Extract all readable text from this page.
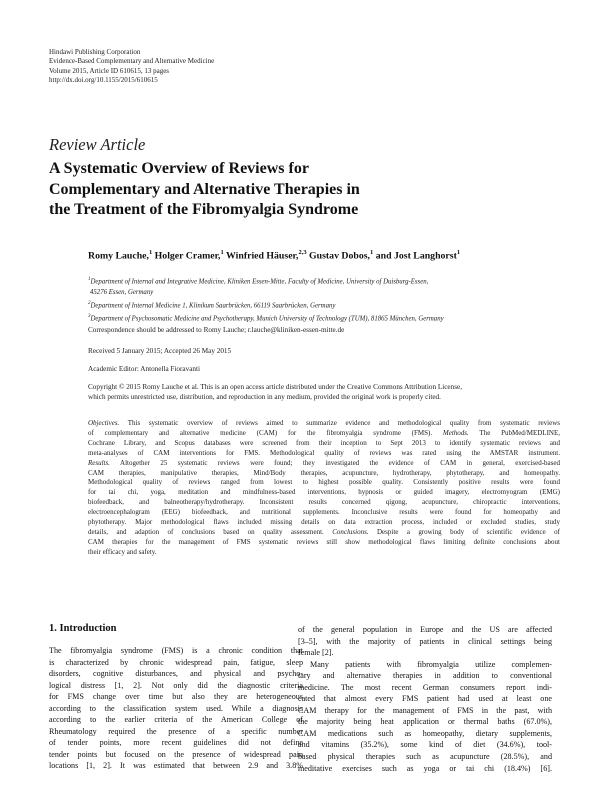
Hindawi Publishing Corporation
Evidence-Based Complementary and Alternative Medicine
Volume 2015, Article ID 610615, 13 pages
http://dx.doi.org/10.1155/2015/610615
Review Article
A Systematic Overview of Reviews for
Complementary and Alternative Therapies in
the Treatment of the Fibromyalgia Syndrome
Romy Lauche,$^1$ Holger Cramer,$^1$ Winfried Häuser,$^{2,3}$ Gustav Dobos,$^1$ and Jost Langhorst$^1$
$^1$Department of Internal and Integrative Medicine, Kliniken Essen-Mitte, Faculty of Medicine, University of Duisburg-Essen,
45276 Essen, Germany
$^2$Department of Internal Medicine 1, Klinikum Saarbrücken, 66119 Saarbrücken, Germany
$^3$Department of Psychosomatic Medicine and Psychotherapy, Munich University of Technology (TUM), 81865 München, Germany
Correspondence should be addressed to Romy Lauche; r.lauche@kliniken-essen-mitte.de
Received 5 January 2015; Accepted 26 May 2015
Academic Editor: Antonella Fioravanti
Copyright © 2015 Romy Lauche et al. This is an open access article distributed under the Creative Commons Attribution License,
which permits unrestricted use, distribution, and reproduction in any medium, provided the original work is properly cited.
Objectives. This systematic overview of reviews aimed to summarize evidence and methodological quality from systematic reviews
of complementary and alternative medicine (CAM) for the fibromyalgia syndrome (FMS). Methods. The PubMed/MEDLINE,
Cochrane Library, and Scopus databases were screened from their inception to Sept 2013 to identify systematic reviews and
meta-analyses of CAM interventions for FMS. Methodological quality of reviews was rated using the AMSTAR instrument.
Results. Altogether 25 systematic reviews were found; they investigated the evidence of CAM in general, exercised-based
CAM therapies, manipulative therapies, Mind/Body therapies, acupuncture, hydrotherapy, phytotherapy, and homeopathy.
Methodological quality of reviews ranged from lowest to highest possible quality. Consistently positive results were found
for tai chi, yoga, meditation and mindfulness-based interventions, hypnosis or guided imagery, electromyogram (EMG)
biofeedback, and balneotherapy/hydrotherapy. Inconsistent results concerned qigong, acupuncture, chiropractic interventions,
electroencephalogram (EEG) biofeedback, and nutritional supplements. Inconclusive results were found for homeopathy and
phytotherapy. Major methodological flaws included missing details on data extraction process, included or excluded studies, study
details, and adaption of conclusions based on quality assessment. Conclusions. Despite a growing body of scientific evidence of
CAM therapies for the management of FMS systematic reviews still show methodological flaws limiting definite conclusions about
their efficacy and safety.
1. Introduction
The fibromyalgia syndrome (FMS) is a chronic condition that
is characterized by chronic widespread pain, fatigue, sleep
disorders, cognitive disturbances, and physical and psycho-
logical distress [1, 2]. Not only did the diagnostic criteria
for FMS change over time but also they are heterogeneous
according to the classification system used. While a diagnosis
according to the earlier criteria of the American College of
Rheumatology required the presence of a specific number
of tender points, more recent guidelines did not define
tender points but focused on the presence of widespread pain
locations [1, 2]. It was estimated that between 2.9 and 3.8%
of the general population in Europe and the US are affected
[3–5], with the majority of patients in clinical settings being
female [2].
Many patients with fibromyalgia utilize complemen-
tary and alternative therapies in addition to conventional
medicine. The most recent German consumers report indi-
cated that almost every FMS patient had used at least one
CAM therapy for the management of FMS in the past, with
the majority being heat application or thermal baths (67.0%),
CAM medications such as homeopathy, dietary supplements,
and vitamins (35.2%), some kind of diet (34.6%), tool-
based physical therapies such as acupuncture (28.5%), and
meditative exercises such as yoga or tai chi (18.4%) [6].
